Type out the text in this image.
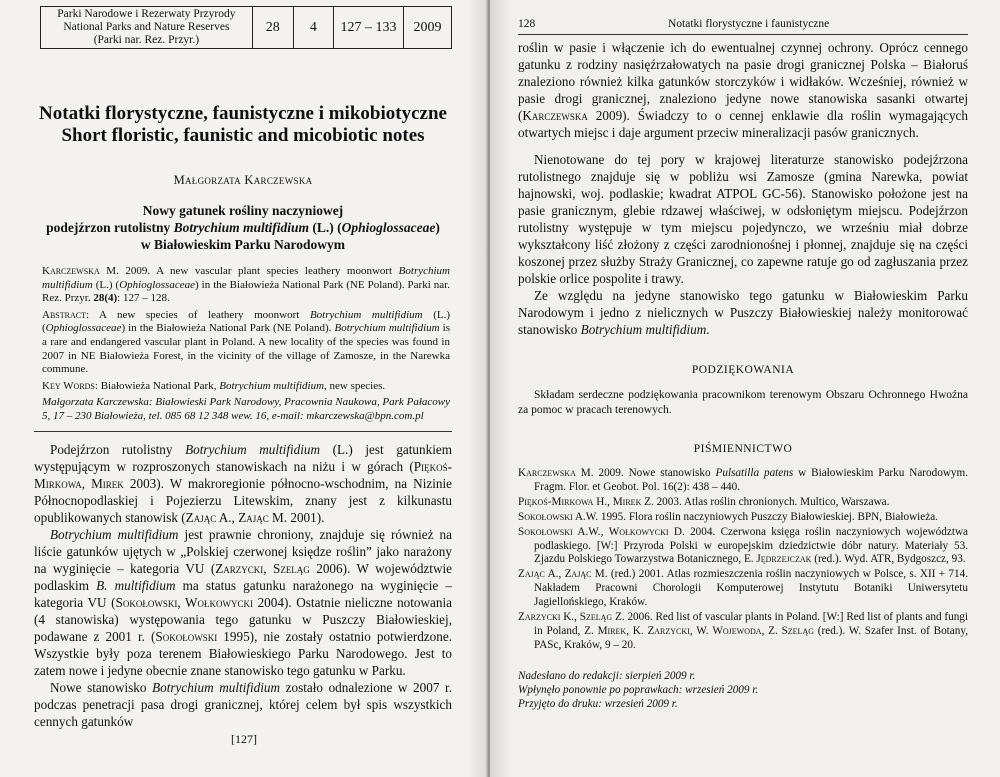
Parki Narodowe i Rezerwaty Przyrody
National Parks and Nature Reserves
(Parki nar. Rez. Przyr.)	28	4	127 – 133	2009
Notatki florystyczne, faunistyczne i mikobiotyczne
Short floristic, faunistic and micobiotic notes
Małgorzata Karczewska
Nowy gatunek rośliny naczyniowej
podejźrzon rutolistny Botrychium multifidium (L.) (Ophioglossaceae)
w Białowieskim Parku Narodowym

Karczewska M. 2009. A new vascular plant species leathery moonwort Botrychium multifidium (L.) (Ophioglossaceae) in the Białowieża National Park (NE Poland). Parki nar. Rez. Przyr. 28(4): 127 – 128.

Abstract: A new species of leathery moonwort Botrychium multifidium (L.) (Ophioglossaceae) in the Białowieża National Park (NE Poland). Botrychium multifidium is a rare and endangered vascular plant in Poland. A new locality of the species was found in 2007 in NE Białowieża Forest, in the vicinity of the village of Zamosze, in the Narewka commune.

Key Words: Białowieża National Park, Botrychium multifidium, new species.

Małgorzata Karczewska: Białowieski Park Narodowy, Pracownia Naukowa, Park Pałacowy 5, 17 – 230 Białowieża, tel. 085 68 12 348 wew. 16, e-mail: mkarczewska@bpn.com.pl

Podejźrzon rutolistny Botrychium multifidium (L.) jest gatunkiem występującym w rozproszonych stanowiskach na niżu i w górach (Piękoś-Mirkowa, Mirek 2003). W makroregionie północno-wschodnim, na Nizinie Północnopodlaskiej i Pojezierzu Litewskim, znany jest z kilkunastu opublikowanych stanowisk (Zając A., Zając M. 2001).

Botrychium multifidium jest prawnie chroniony, znajduje się również na liście gatunków ujętych w „Polskiej czerwonej księdze roślin” jako narażony na wyginięcie – kategoria VU (Zarzycki, Szeląg 2006). W województwie podlaskim B. multifidium ma status gatunku narażonego na wyginięcie – kategoria VU (Sokołowski, Wołkowycki 2004). Ostatnie nieliczne notowania (4 stanowiska) występowania tego gatunku w Puszczy Białowieskiej, podawane z 2001 r. (Sokołowski 1995), nie zostały ostatnio potwierdzone. Wszystkie były poza terenem Białowieskiego Parku Narodowego. Jest to zatem nowe i jedyne obecnie znane stanowisko tego gatunku w Parku.

Nowe stanowisko Botrychium multifidium zostało odnalezione w 2007 r. podczas penetracji pasa drogi granicznej, której celem był spis wszystkich cennych gatunków

[127]
128	Notatki florystyczne i faunistyczne

roślin w pasie i włączenie ich do ewentualnej czynnej ochrony. Oprócz cennego gatunku z rodziny nasięźrzałowatych na pasie drogi granicznej Polska – Białoruś znaleziono również kilka gatunków storczyków i widłaków. Wcześniej, również w pasie drogi granicznej, znaleziono jedyne nowe stanowiska sasanki otwartej (Karczewska 2009). Świadczy to o cennej enklawie dla roślin wymagających otwartych miejsc i daje argument przeciw mineralizacji pasów granicznych.

Nienotowane do tej pory w krajowej literaturze stanowisko podejźrzona rutolistnego znajduje się w pobliżu wsi Zamosze (gmina Narewka, powiat hajnowski, woj. podlaskie; kwadrat ATPOL GC-56). Stanowisko położone jest na pasie granicznym, glebie rdzawej właściwej, w odsłoniętym miejscu. Podejźrzon rutolistny występuje w tym miejscu pojedynczo, we wrześniu miał dobrze wykształcony liść złożony z części zarodnionośnej i płonnej, znajduje się na części koszonej przez służby Straży Granicznej, co zapewne ratuje go od zagłuszania przez polskie orlice pospolite i trawy.

Ze względu na jedyne stanowisko tego gatunku w Białowieskim Parku Narodowym i jedno z nielicznych w Puszczy Białowieskiej należy monitorować stanowisko Botrychium multifidium.

PODZIĘKOWANIA

Składam serdeczne podziękowania pracownikom terenowym Obszaru Ochronnego Hwoźna za pomoc w pracach terenowych.

PIŚMIENNICTWO

Karczewska M. 2009. Nowe stanowisko Pulsatilla patens w Białowieskim Parku Narodowym. Fragm. Flor. et Geobot. Pol. 16(2): 438 – 440.

Piękoś-Mirkowa H., Mirek Z. 2003. Atlas roślin chronionych. Multico, Warszawa.

Sokołowski A.W. 1995. Flora roślin naczyniowych Puszczy Białowieskiej. BPN, Białowieża.

Sokołowski A.W., Wołkowycki D. 2004. Czerwona księga roślin naczyniowych województwa podlaskiego. [W:] Przyroda Polski w europejskim dziedzictwie dóbr natury. Materiały 53. Zjazdu Polskiego Towarzystwa Botanicznego, E. Jędrzejczak (red.). Wyd. ATR, Bydgoszcz, 93.

Zając A., Zając M. (red.) 2001. Atlas rozmieszczenia roślin naczyniowych w Polsce, s. XII + 714. Nakładem Pracowni Chorologii Komputerowej Instytutu Botaniki Uniwersytetu Jagiellońskiego, Kraków.

Zarzycki K., Szeląg Z. 2006. Red list of vascular plants in Poland. [W:] Red list of plants and fungi in Poland, Z. Mirek, K. Zarzycki, W. Wojewoda, Z. Szeląg (red.). W. Szafer Inst. of Botany, PASc, Kraków, 9 – 20.

Nadesłano do redakcji: sierpień 2009 r.

Wpłynęło ponownie po poprawkach: wrzesień 2009 r.

Przyjęto do druku: wrzesień 2009 r.
